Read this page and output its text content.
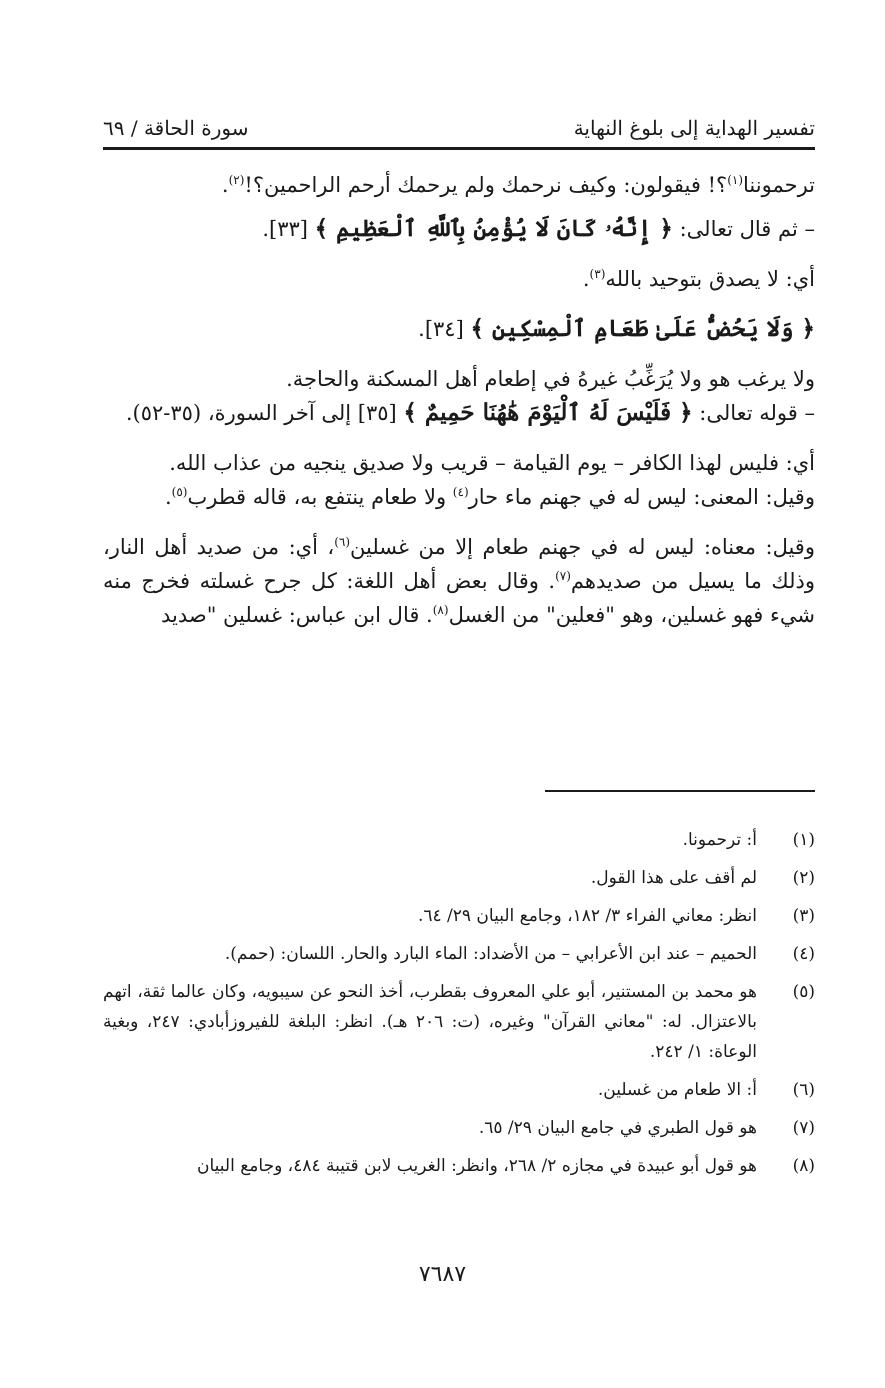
تفسير الهداية إلى بلوغ النهاية
سورة الحاقة / ٦٩

ترحموننا$^{(١)}$؟! فيقولون: وكيف نرحمك ولم يرحمك أرحم الراحمين؟!$^{(٢)}$.

– ثم قال تعالى: ﴿ إِنَّهُۥ كَانَ لَا يُؤْمِنُ بِٱللَّهِ ٱلْعَظِيمِ ﴾ [٣٣].

أي: لا يصدق بتوحيد بالله$^{(٣)}$.

﴿ وَلَا يَحُضُّ عَلَىٰ طَعَامِ ٱلْمِسْكِينِ ﴾ [٣٤].

ولا يرغب هو ولا يُرَغِّبُ غيرهُ في إطعام أهل المسكنة والحاجة.

– قوله تعالى: ﴿ فَلَيْسَ لَهُ ٱلْيَوْمَ هَٰهُنَا حَمِيمٌ ﴾ [٣٥] إلى آخر السورة، (٣٥-٥٢).

أي: فليس لهذا الكافر – يوم القيامة – قريب ولا صديق ينجيه من عذاب الله.

وقيل: المعنى: ليس له في جهنم ماء حار$^{(٤)}$ ولا طعام ينتفع به، قاله قطرب$^{(٥)}$.

وقيل: معناه: ليس له في جهنم طعام إلا من غسلين$^{(٦)}$، أي: من صديد أهل النار، وذلك ما يسيل من صديدهم$^{(٧)}$. وقال بعض أهل اللغة: كل جرح غسلته فخرج منه شيء فهو غسلين، وهو "فعلين" من الغسل$^{(٨)}$. قال ابن عباس: غسلين "صديد

(١)
أ: ترحمونا.
(٢)
لم أقف على هذا القول.
(٣)
انظر: معاني الفراء ٣/ ١٨٢، وجامع البيان ٢٩/ ٦٤.
(٤)
الحميم – عند ابن الأعرابي – من الأضداد: الماء البارد والحار. اللسان: (حمم).
(٥)
هو محمد بن المستنير، أبو علي المعروف بقطرب، أخذ النحو عن سيبويه، وكان عالما ثقة، اتهم بالاعتزال. له: "معاني القرآن" وغيره، (ت: ٢٠٦ هـ). انظر: البلغة للفيروزأبادي: ٢٤٧، وبغية الوعاة: ١/ ٢٤٢.
(٦)
أ: الا طعام من غسلين.
(٧)
هو قول الطبري في جامع البيان ٢٩/ ٦٥.
(٨)
هو قول أبو عبيدة في مجازه ٢/ ٢٦٨، وانظر: الغريب لابن قتيبة ٤٨٤، وجامع البيان
٧٦٨٧
